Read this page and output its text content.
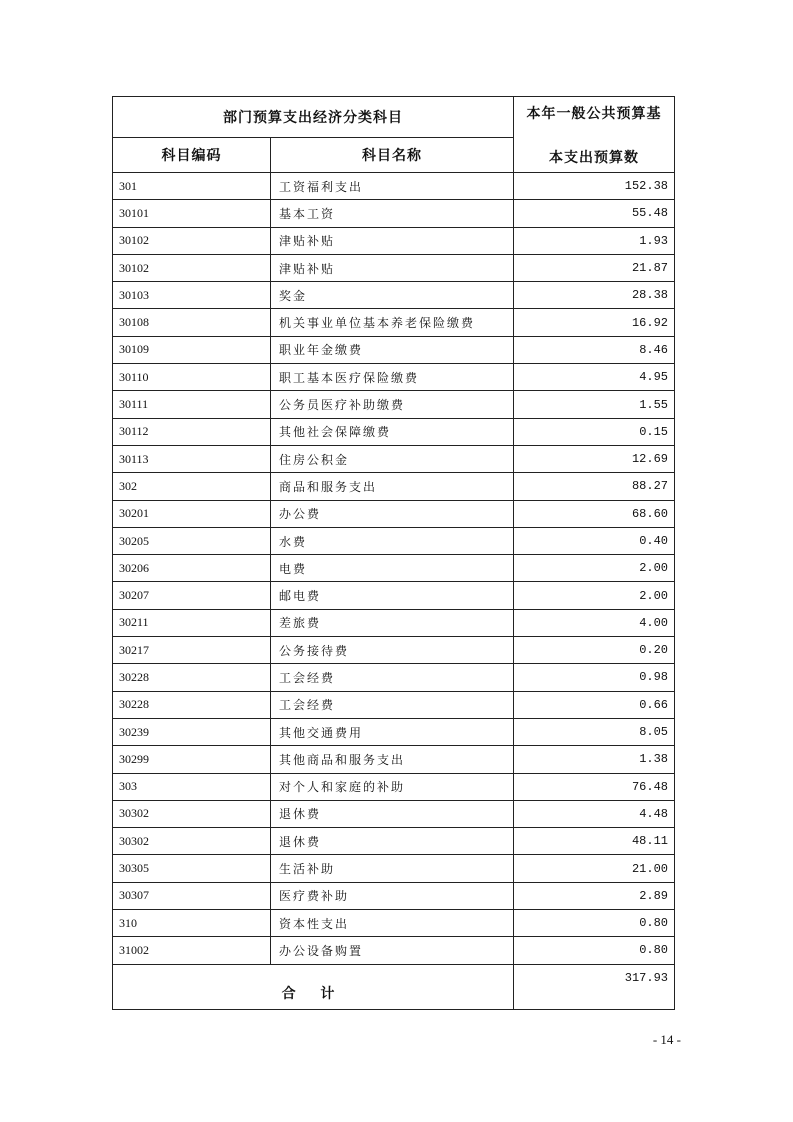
部门预算支出经济分类科目		本年一般公共预算基
本支出预算数

科目编码	科目名称	
301	工资福利支出	152.38
30101	基本工资	55.48
30102	津贴补贴	1.93
30102	津贴补贴	21.87
30103	奖金	28.38
30108	机关事业单位基本养老保险缴费	16.92
30109	职业年金缴费	8.46
30110	职工基本医疗保险缴费	4.95
30111	公务员医疗补助缴费	1.55
30112	其他社会保障缴费	0.15
30113	住房公积金	12.69
302	商品和服务支出	88.27
30201	办公费	68.60
30205	水费	0.40
30206	电费	2.00
30207	邮电费	2.00
30211	差旅费	4.00
30217	公务接待费	0.20
30228	工会经费	0.98
30228	工会经费	0.66
30239	其他交通费用	8.05
30299	其他商品和服务支出	1.38
303	对个人和家庭的补助	76.48
30302	退休费	4.48
30302	退休费	48.11
30305	生活补助	21.00
30307	医疗费补助	2.89
310	资本性支出	0.80
31002	办公设备购置	0.80
合 计		317.93
- 14 -
